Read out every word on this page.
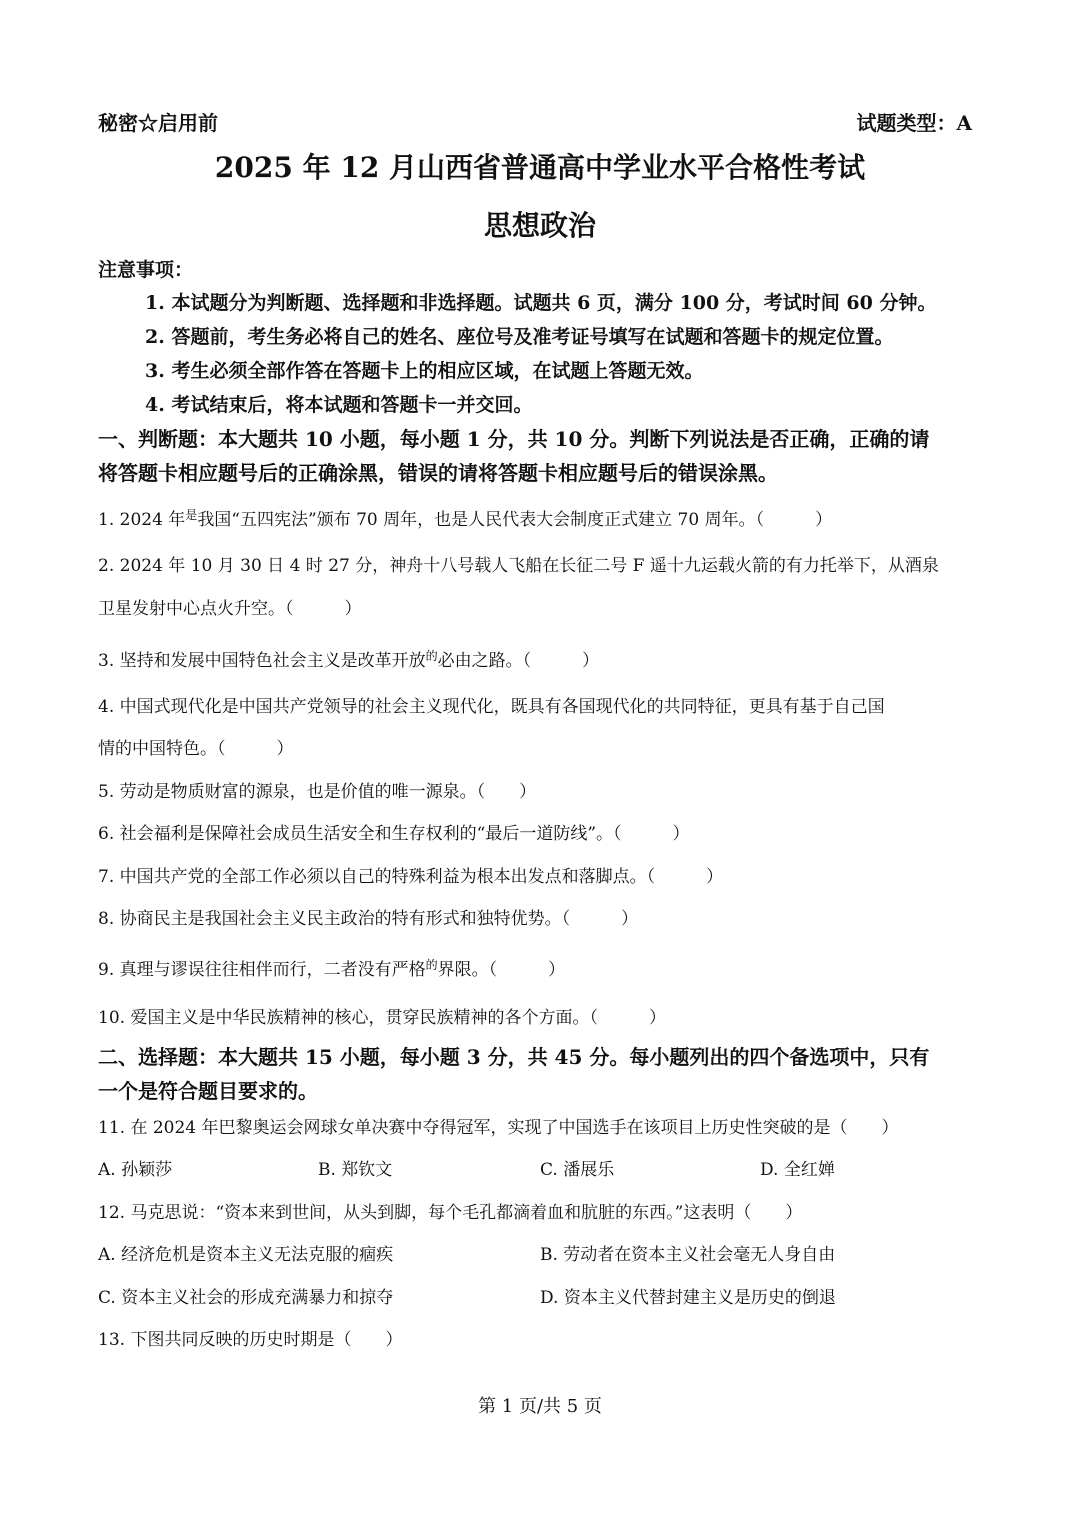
秘密☆启用前	试题类型：A
2025 年 12 月山西省普通高中学业水平合格性考试
思想政治
注意事项：
1. 本试题分为判断题、选择题和非选择题。试题共 6 页，满分 100 分，考试时间 60 分钟。
2. 答题前，考生务必将自己的姓名、座位号及准考证号填写在试题和答题卡的规定位置。
3. 考生必须全部作答在答题卡上的相应区域，在试题上答题无效。
4. 考试结束后，将本试题和答题卡一并交回。
一、判断题：本大题共 10 小题，每小题 1 分，共 10 分。判断下列说法是否正确，正确的请
将答题卡相应题号后的正确涂黑，错误的请将答题卡相应题号后的错误涂黑。
1. 2024 年$^是$我国“五四宪法”颁布 70 周年，也是人民代表大会制度正式建立 70 周年。（　　　）
2. 2024 年 10 月 30 日 4 时 27 分，神舟十八号载人飞船在长征二号 F 遥十九运载火箭的有力托举下，从酒泉
卫星发射中心点火升空。（　　　）
3. 坚持和发展中国特色社会主义是改革开放$^的$必由之路。（　　　）
4. 中国式现代化是中国共产党领导的社会主义现代化，既具有各国现代化的共同特征，更具有基于自己国
情的中国特色。（　　　）
5. 劳动是物质财富的源泉，也是价值的唯一源泉。（　　）
6. 社会福利是保障社会成员生活安全和生存权利的“最后一道防线”。（　　　）
7. 中国共产党的全部工作必须以自己的特殊利益为根本出发点和落脚点。（　　　）
8. 协商民主是我国社会主义民主政治的特有形式和独特优势。（　　　）
9. 真理与谬误往往相伴而行，二者没有严格$^的$界限。（　　　）
10. 爱国主义是中华民族精神的核心，贯穿民族精神的各个方面。（　　　）
二、选择题：本大题共 15 小题，每小题 3 分，共 45 分。每小题列出的四个备选项中，只有
一个是符合题目要求的。
11. 在 2024 年巴黎奥运会网球女单决赛中夺得冠军，实现了中国选手在该项目上历史性突破的是（　　）
A. 孙颖莎	B. 郑钦文	C. 潘展乐	D. 全红婵
12. 马克思说：“资本来到世间，从头到脚，每个毛孔都滴着血和肮脏的东西。”这表明（　　）
A. 经济危机是资本主义无法克服的痼疾	B. 劳动者在资本主义社会毫无人身自由
C. 资本主义社会的形成充满暴力和掠夺	D. 资本主义代替封建主义是历史的倒退
13. 下图共同反映的历史时期是（　　）
第 1 页/共 5 页
